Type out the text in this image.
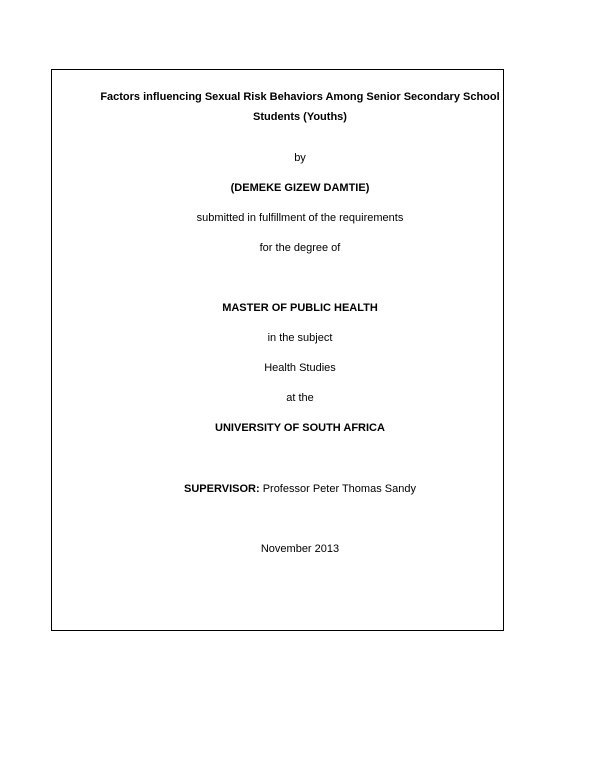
Factors influencing Sexual Risk Behaviors Among Senior Secondary School
Students (Youths)
by
(DEMEKE GIZEW DAMTIE)
submitted in fulfillment of the requirements
for the degree of
MASTER OF PUBLIC HEALTH
in the subject
Health Studies
at the
UNIVERSITY OF SOUTH AFRICA
SUPERVISOR: Professor Peter Thomas Sandy
November 2013
